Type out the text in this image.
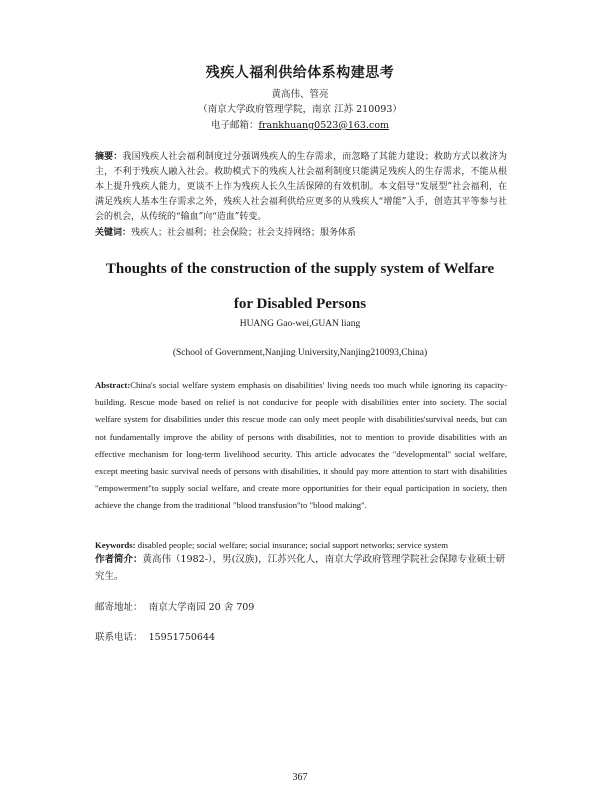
残疾人福利供给体系构建思考
黄高伟、管亮
（南京大学政府管理学院，南京 江苏 210093）
电子邮箱：frankhuang0523@163.com
摘要：我国残疾人社会福利制度过分强调残疾人的生存需求，而忽略了其能力建设；救助方式以救济为主，不利于残疾人融入社会。救助模式下的残疾人社会福利制度只能满足残疾人的生存需求，不能从根本上提升残疾人能力，更谈不上作为残疾人长久生活保障的有效机制。本文倡导“发展型”社会福利，在满足残疾人基本生存需求之外，残疾人社会福利供给应更多的从残疾人“增能”入手，创造其平等参与社会的机会，从传统的“输血”向“造血”转变。
关键词：残疾人；社会福利；社会保险；社会支持网络；服务体系
Thoughts of the construction of the supply system of Welfare
for Disabled Persons
HUANG Gao-wei,GUAN liang
(School of Government,Nanjing University,Nanjing210093,China)
Abstract:China's social welfare system emphasis on disabilities' living needs too much while ignoring its capacity-building. Rescue mode based on relief is not conducive for people with disabilities enter into society. The social welfare system for disabilities under this rescue mode can only meet people with disabilities'survival needs, but can not fundamentally improve the ability of persons with disabilities, not to mention to provide disabilities with an effective mechanism for long-term livelihood security. This article advocates the "developmental" social welfare, except meeting basic survival needs of persons with disabilities, it should pay more attention to start with disabilities "empowerment"to supply social welfare, and create more opportunities for their equal participation in society, then achieve the change from the traditional "blood transfusion"to "blood making".
Keywords: disabled people; social welfare; social insurance; social support networks; service system
作者简介：黄高伟（1982-），男(汉族)，江苏兴化人，南京大学政府管理学院社会保障专业硕士研究生。
邮寄地址： 南京大学南园 20 舍 709
联系电话： 15951750644
367
